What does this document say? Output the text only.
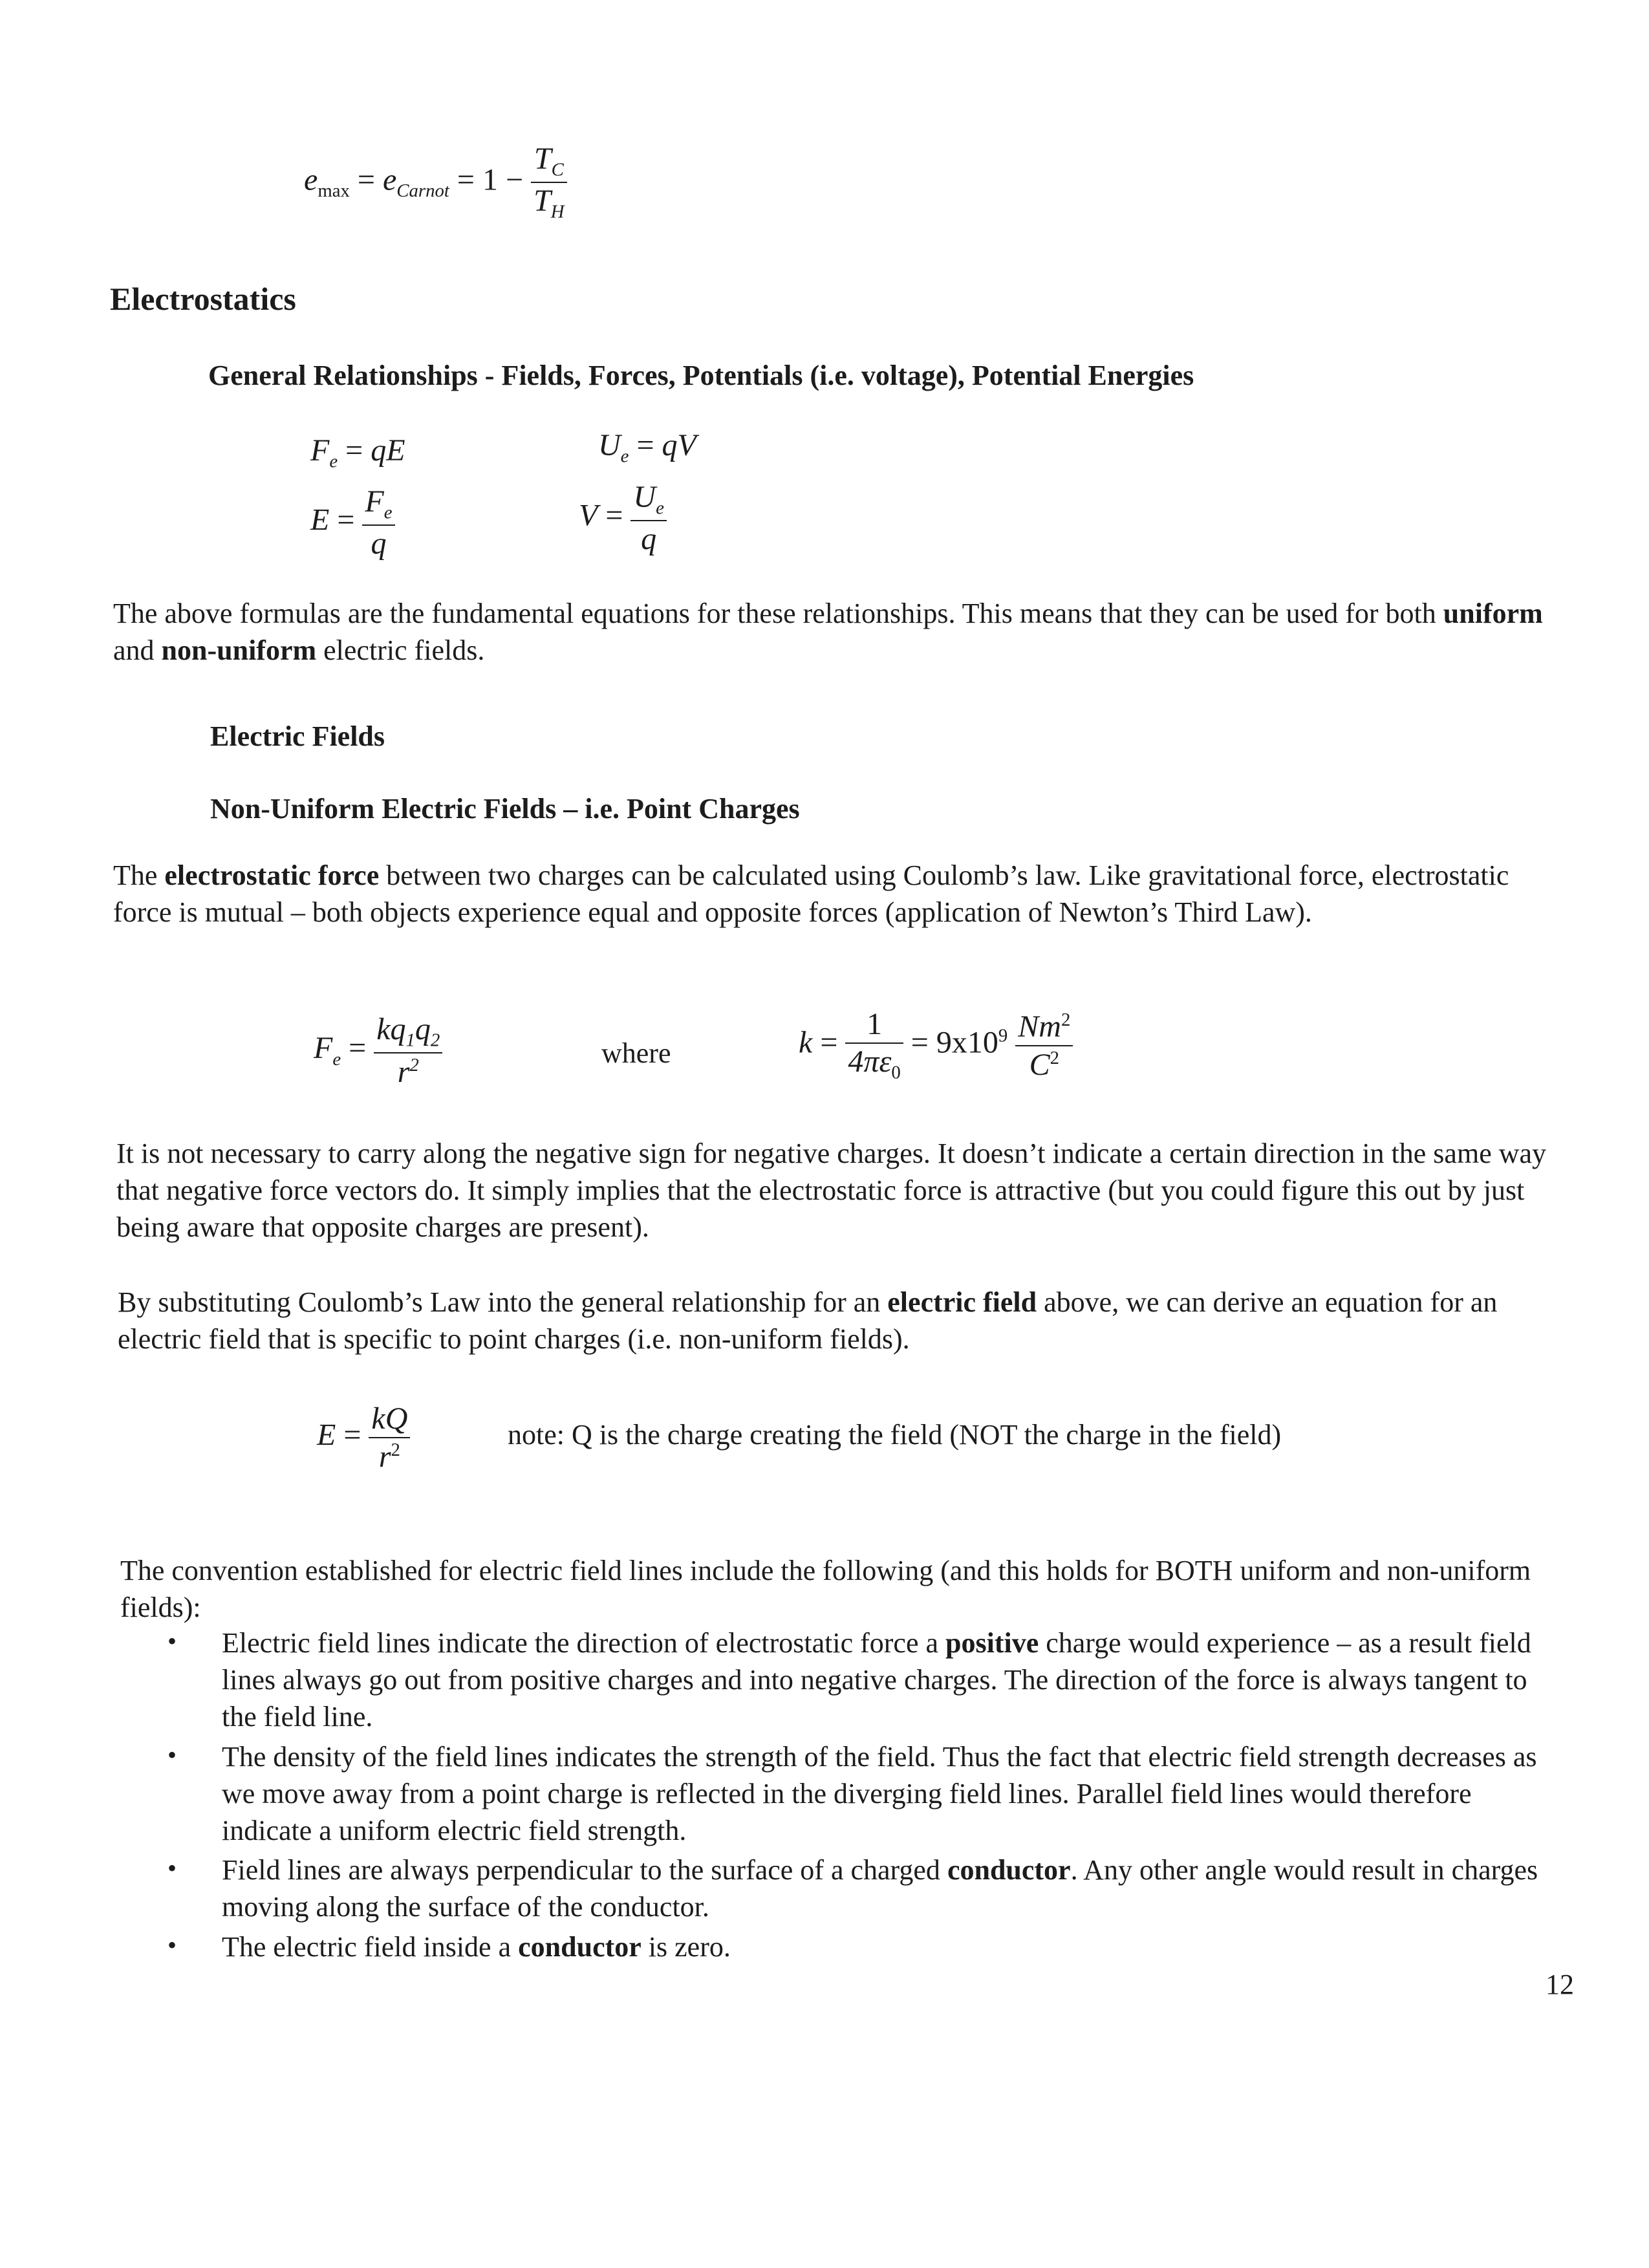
$e_{max} = e_{Carnot} = 1 - \frac{T_C}{T_H}$
Electrostatics
General Relationships - Fields, Forces, Potentials (i.e. voltage), Potential Energies
$F_e$ = qE
$E = \frac{F_e}{q}$
$U_e$ = qV
$V = \frac{U_e}{q}$
The above formulas are the fundamental equations for these relationships. This means that they can be used for both uniform and non-uniform electric fields.
Electric Fields
Non-Uniform Electric Fields – i.e. Point Charges
The electrostatic force between two charges can be calculated using Coulomb’s law. Like gravitational force, electrostatic force is mutual – both objects experience equal and opposite forces (application of Newton’s Third Law).
$F_e = \frac{kq_1q_2}{r^2}$	where	$k = \frac{1}{4\pi\varepsilon_0} = 9x10^9 \frac{Nm^2}{C^2}$
It is not necessary to carry along the negative sign for negative charges. It doesn’t indicate a certain direction in the same way that negative force vectors do. It simply implies that the electrostatic force is attractive (but you could figure this out by just being aware that opposite charges are present).
By substituting Coulomb’s Law into the general relationship for an electric field above, we can derive an equation for an electric field that is specific to point charges (i.e. non-uniform fields).
$E = \frac{kQ}{r^2}$	note: Q is the charge creating the field (NOT the charge in the field)
The convention established for electric field lines include the following (and this holds for BOTH uniform and non-uniform fields):
• Electric field lines indicate the direction of electrostatic force a positive charge would experience – as a result field lines always go out from positive charges and into negative charges. The direction of the force is always tangent to the field line.
• The density of the field lines indicates the strength of the field. Thus the fact that electric field strength decreases as we move away from a point charge is reflected in the diverging field lines. Parallel field lines would therefore indicate a uniform electric field strength.
• Field lines are always perpendicular to the surface of a charged conductor. Any other angle would result in charges moving along the surface of the conductor.
• The electric field inside a conductor is zero.
12
